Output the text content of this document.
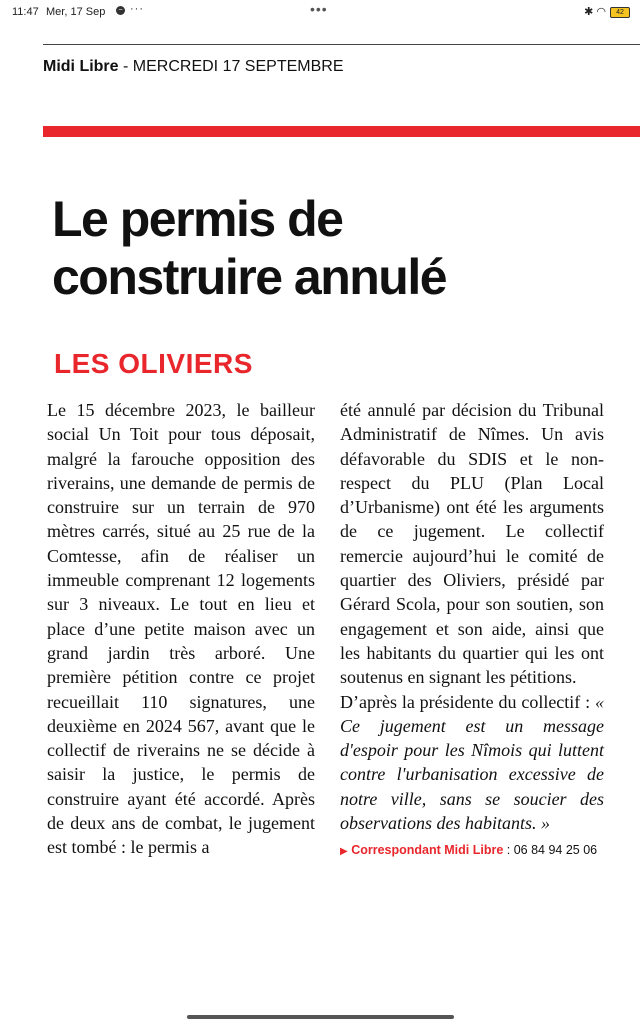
11:47 Mer, 17 Sep	~ ···	•••	✱ ◠	42
Midi Libre - MERCREDI 17 SEPTEMBRE
Le permis de
construire annulé
LES OLIVIERS

Le 15 décembre 2023, le bailleur social Un Toit pour tous déposait, malgré la farouche opposition des riverains, une demande de permis de construire sur un terrain de 970 mètres carrés, situé au 25 rue de la Comtesse, afin de réaliser un immeuble comprenant 12 logements sur 3 niveaux. Le tout en lieu et place d’une petite maison avec un grand jardin très arboré. Une première pétition contre ce projet recueillait 110 signatures, une deuxième en 2024 567, avant que le collectif de riverains ne se décide à saisir la justice, le permis de construire ayant été accordé. Après de deux ans de combat, le jugement est tombé : le permis a

été annulé par décision du Tribunal Administratif de Nîmes. Un avis défavorable du SDIS et le non-respect du PLU (Plan Local d’Urbanisme) ont été les arguments de ce jugement. Le collectif remercie aujourd’hui le comité de quartier des Oliviers, présidé par Gérard Scola, pour son soutien, son engagement et son aide, ainsi que les habitants du quartier qui les ont soutenus en signant les pétitions.

D’après la présidente du collectif : « Ce jugement est un message d'espoir pour les Nîmois qui luttent contre l'urbanisation excessive de notre ville, sans se soucier des observations des habitants. »

▶ Correspondant Midi Libre : 06 84 94 25 06
